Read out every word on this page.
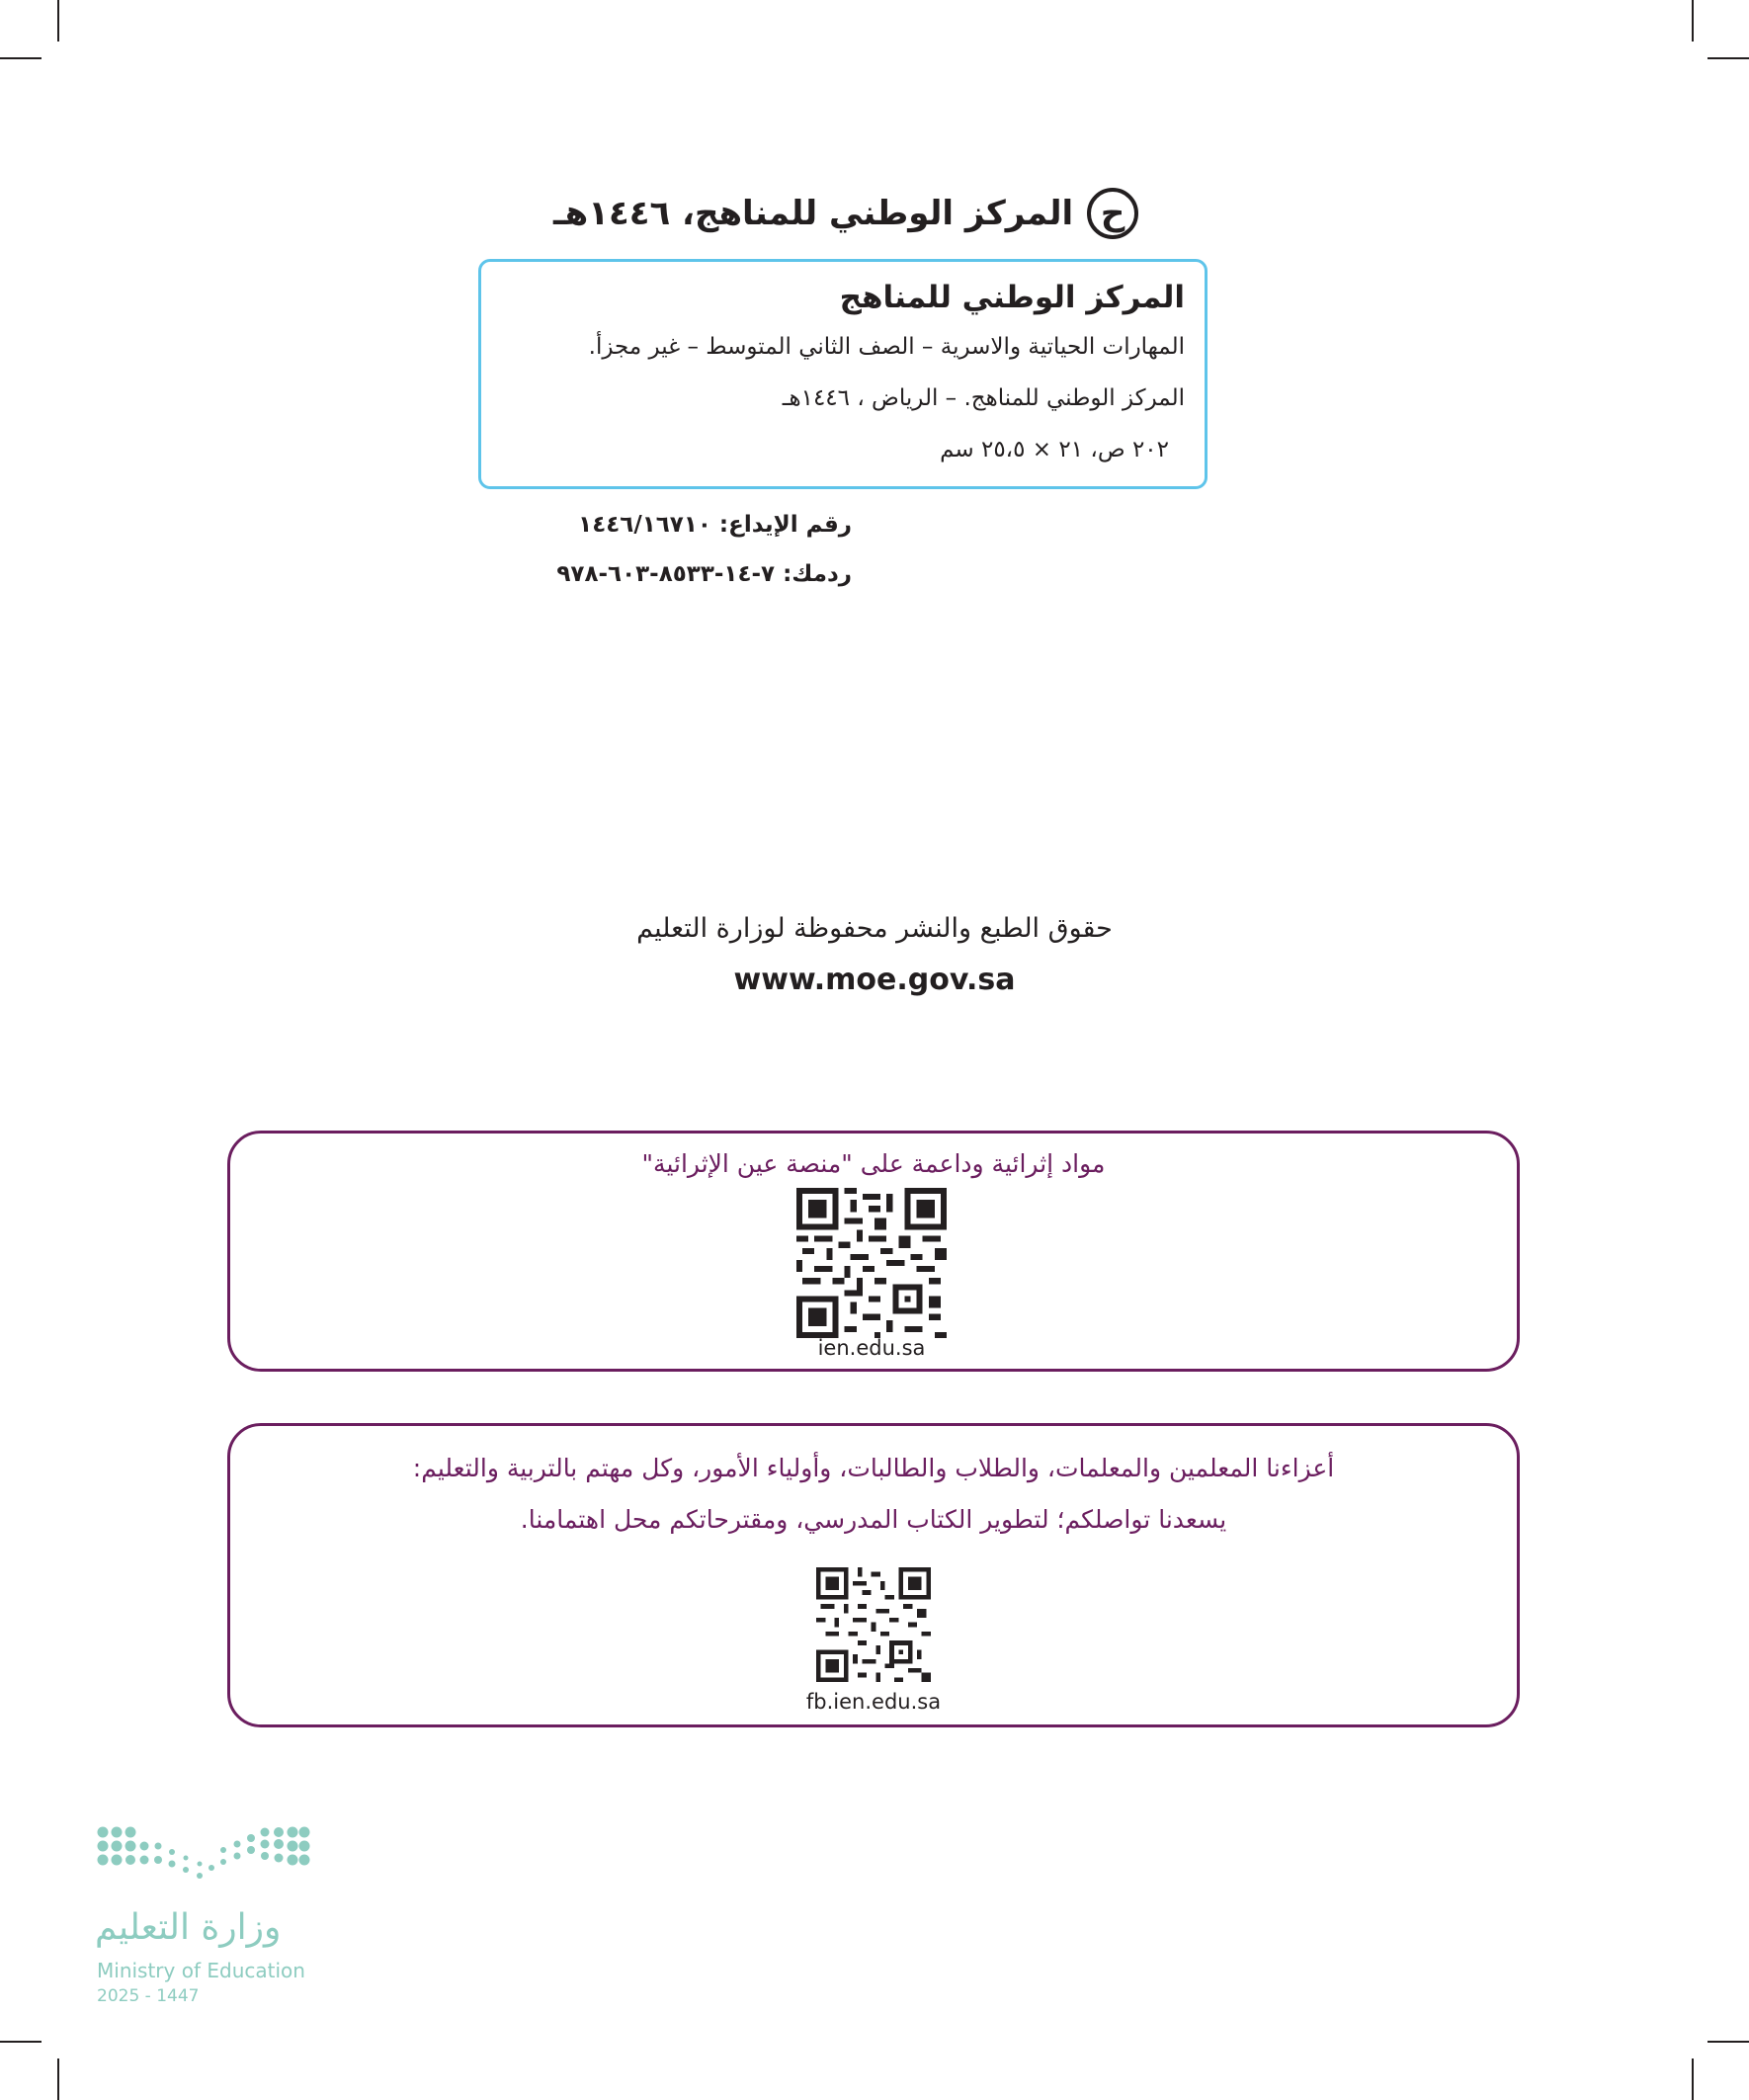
ح
المركز الوطني للمناهج، ١٤٤٦هـ
المركز الوطني للمناهج
المهارات الحياتية والاسرية – الصف الثاني المتوسط – غير مجزأ.
المركز الوطني للمناهج. – الرياض ، ١٤٤٦هـ
٢٠٢ ص، ٢١ × ٢٥،٥ سم
رقم الإيداع: ١٤٤٦/١٦٧١٠
ردمك: ٧-١٤-٨٥٣٣-٦٠٣-٩٧٨
حقوق الطبع والنشر محفوظة لوزارة التعليم
www.moe.gov.sa
مواد إثرائية وداعمة على "منصة عين الإثرائية"
ien.edu.sa
أعزاءنا المعلمين والمعلمات، والطلاب والطالبات، وأولياء الأمور، وكل مهتم بالتربية والتعليم:
يسعدنا تواصلكم؛ لتطوير الكتاب المدرسي، ومقترحاتكم محل اهتمامنا.
fb.ien.edu.sa
وزارة التعليم
Ministry of Education
2025 - 1447
